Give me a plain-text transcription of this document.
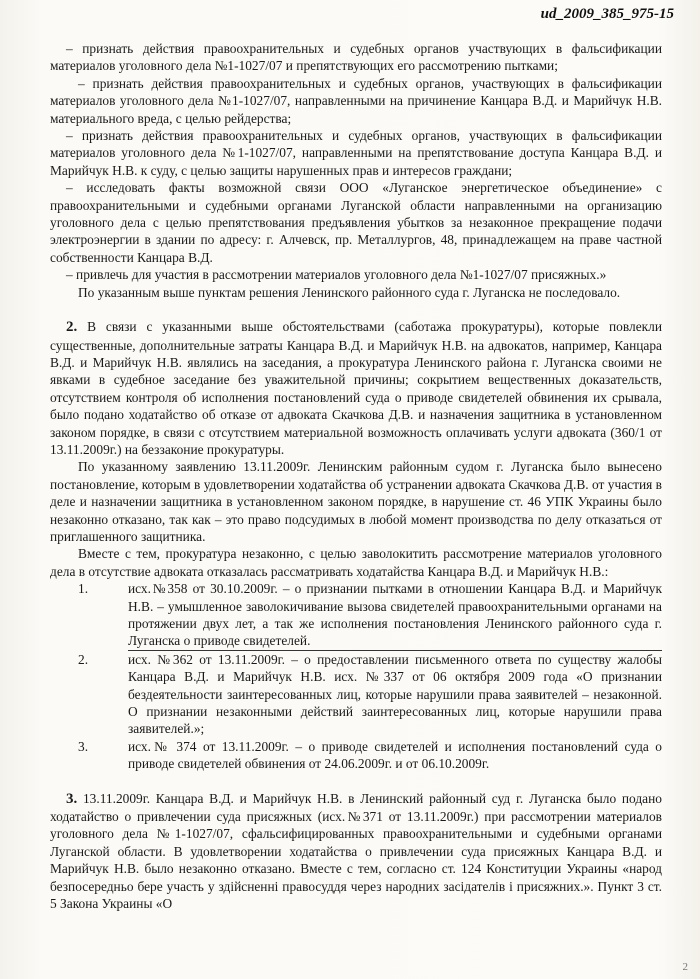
ud_2009_385_975-15

– признать действия правоохранительных и судебных органов участвующих в фальсификации материалов уголовного дела №1-1027/07 и препятствующих его рассмотрению пытками;

– признать действия правоохранительных и судебных органов, участвующих в фальсификации материалов уголовного дела №1-1027/07, направленными на причинение Канцара В.Д. и Марийчук Н.В. материального вреда, с целью рейдерства;

– признать действия правоохранительных и судебных органов, участвующих в фальсификации материалов уголовного дела №1-1027/07, направленными на препятствование доступа Канцара В.Д. и Марийчук Н.В. к суду, с целью защиты нарушенных прав и интересов граждани;

– исследовать факты возможной связи ООО «Луганское энергетическое объединение» с правоохранительными и судебными органами Луганской области направленными на организацию уголовного дела с целью препятствования предъявления убытков за незаконное прекращение подачи электроэнергии в здании по адресу: г. Алчевск, пр. Металлургов, 48, принадлежащем на праве частной собственности Канцара В.Д.

– привлечь для участия в рассмотрении материалов уголовного дела №1-1027/07 присяжных.»

По указанным выше пунктам решения Ленинского районного суда г. Луганска не последовало.

2. В связи с указанными выше обстоятельствами (саботажа прокуратуры), которые повлекли существенные, дополнительные затраты Канцара В.Д. и Марийчук Н.В. на адвокатов, например, Канцара В.Д. и Марийчук Н.В. являлись на заседания, а прокуратура Ленинского района г. Луганска своими не явками в судебное заседание без уважительной причины; сокрытием вещественных доказательств, отсутствием контроля об исполнения постановлений суда о приводе свидетелей обвинения их срывала, было подано ходатайство об отказе от адвоката Скачкова Д.В. и назначения защитника в установленном законом порядке, в связи с отсутствием материальной возможность оплачивать услуги адвоката (360/1 от 13.11.2009г.) на беззаконие прокуратуры.

По указанному заявлению 13.11.2009г. Ленинским районным судом г. Луганска было вынесено постановление, которым в удовлетворении ходатайства об устранении адвоката Скачкова Д.В. от участия в деле и назначении защитника в установленном законом порядке, в нарушение ст. 46 УПК Украины было незаконно отказано, так как – это право подсудимых в любой момент производства по делу отказаться от приглашенного защитника.

Вместе с тем, прокуратура незаконно, с целью заволокитить рассмотрение материалов уголовного дела в отсутствие адвоката отказалась рассматривать ходатайства Канцара В.Д. и Марийчук Н.В.:

1.	исх.№358 от 30.10.2009г. – о признании пытками в отношении Канцара В.Д. и Марийчук Н.В. – умышленное заволокичивание вызова свидетелей правоохранительными органами на протяжении двух лет, а так же исполнения постановления Ленинского районного суда г. Луганска о приводе свидетелей.
2.	исх. №362 от 13.11.2009г. – о предоставлении письменного ответа по существу жалобы Канцара В.Д. и Марийчук Н.В. исх. №337 от 06 октября 2009 года «О признании бездеятельности заинтересованных лиц, которые нарушили права заявителей – незаконной. О признании незаконными действий заинтересованных лиц, которые нарушили права заявителей.»;
3.	исх.№ 374 от 13.11.2009г. – о приводе свидетелей и исполнения постановлений суда о приводе свидетелей обвинения от 24.06.2009г. и от 06.10.2009г.

3. 13.11.2009г. Канцара В.Д. и Марийчук Н.В. в Ленинский районный суд г. Луганска было подано ходатайство о привлечении суда присяжных (исх.№371 от 13.11.2009г.) при рассмотрении материалов уголовного дела №1-1027/07, сфальсифицированных правоохранительными и судебными органами Луганской области. В удовлетворении ходатайства о привлечении суда присяжных Канцара В.Д. и Марийчук Н.В. было незаконно отказано. Вместе с тем, согласно ст. 124 Конституции Украины «народ безпосередньо бере участь у здійсненні правосуддя через народних засідателів і присяжних.». Пункт 3 ст. 5 Закона Украины «О

2
